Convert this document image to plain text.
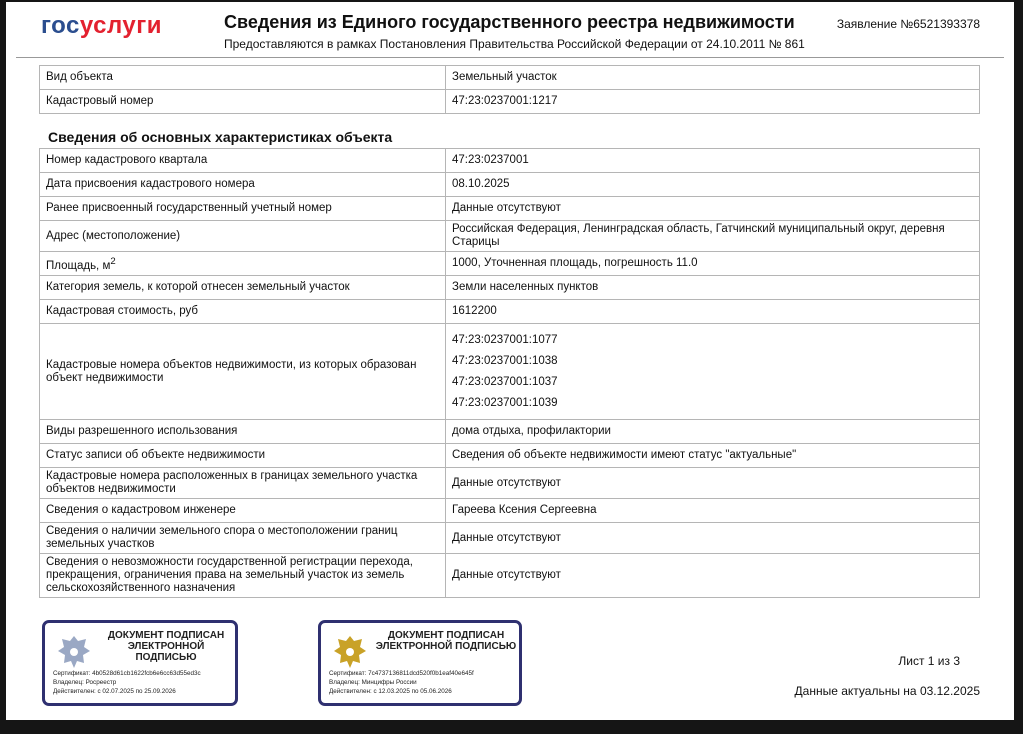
госуслуги	Сведения из Единого государственного реестра недвижимости
Предоставляются в рамках Постановления Правительства Российской Федерации от 24.10.2011 № 861
Заявление №6521393378
Вид объекта	Земельный участок
Кадастровый номер	47:23:0237001:1217
Сведения об основных характеристиках объекта
Номер кадастрового квартала	47:23:0237001
Дата присвоения кадастрового номера	08.10.2025
Ранее присвоенный государственный учетный номер	Данные отсутствуют
Адрес (местоположение)	Российская Федерация, Ленинградская область, Гатчинский муниципальный округ, деревня Старицы
Площадь, $м^2$	1000, Уточненная площадь, погрешность 11.0
Категория земель, к которой отнесен земельный участок	Земли населенных пунктов
Кадастровая стоимость, руб	1612200
Кадастровые номера объектов недвижимости, из которых образован объект недвижимости	47:23:0237001:1077
47:23:0237001:1038
47:23:0237001:1037
47:23:0237001:1039

Виды разрешенного использования	дома отдыха, профилактории
Статус записи об объекте недвижимости	Сведения об объекте недвижимости имеют статус "актуальные"
Кадастровые номера расположенных в границах земельного участка объектов недвижимости	Данные отсутствуют
Сведения о кадастровом инженере	Гареева Ксения Сергеевна
Сведения о наличии земельного спора о местоположении границ земельных участков	Данные отсутствуют
Сведения о невозможности государственной регистрации перехода, прекращения, ограничения права на земельный участок из земель сельскохозяйственного назначения	Данные отсутствуют
ДОКУМЕНТ ПОДПИСАН ЭЛЕКТРОННОЙ ПОДПИСЬЮ
Сертификат: 4b0528d61cb1622fcb6e6cc63d55ed3c
Владелец: Росреестр
Действителен: с 02.07.2025 по 25.09.2026
ДОКУМЕНТ ПОДПИСАН ЭЛЕКТРОННОЙ ПОДПИСЬЮ
Сертификат: 7c4737136811dcd520f0b1eaf40e645f
Владелец: Минцифры России
Действителен: с 12.03.2025 по 05.06.2026
Лист 1 из 3
Данные актуальны на 03.12.2025
